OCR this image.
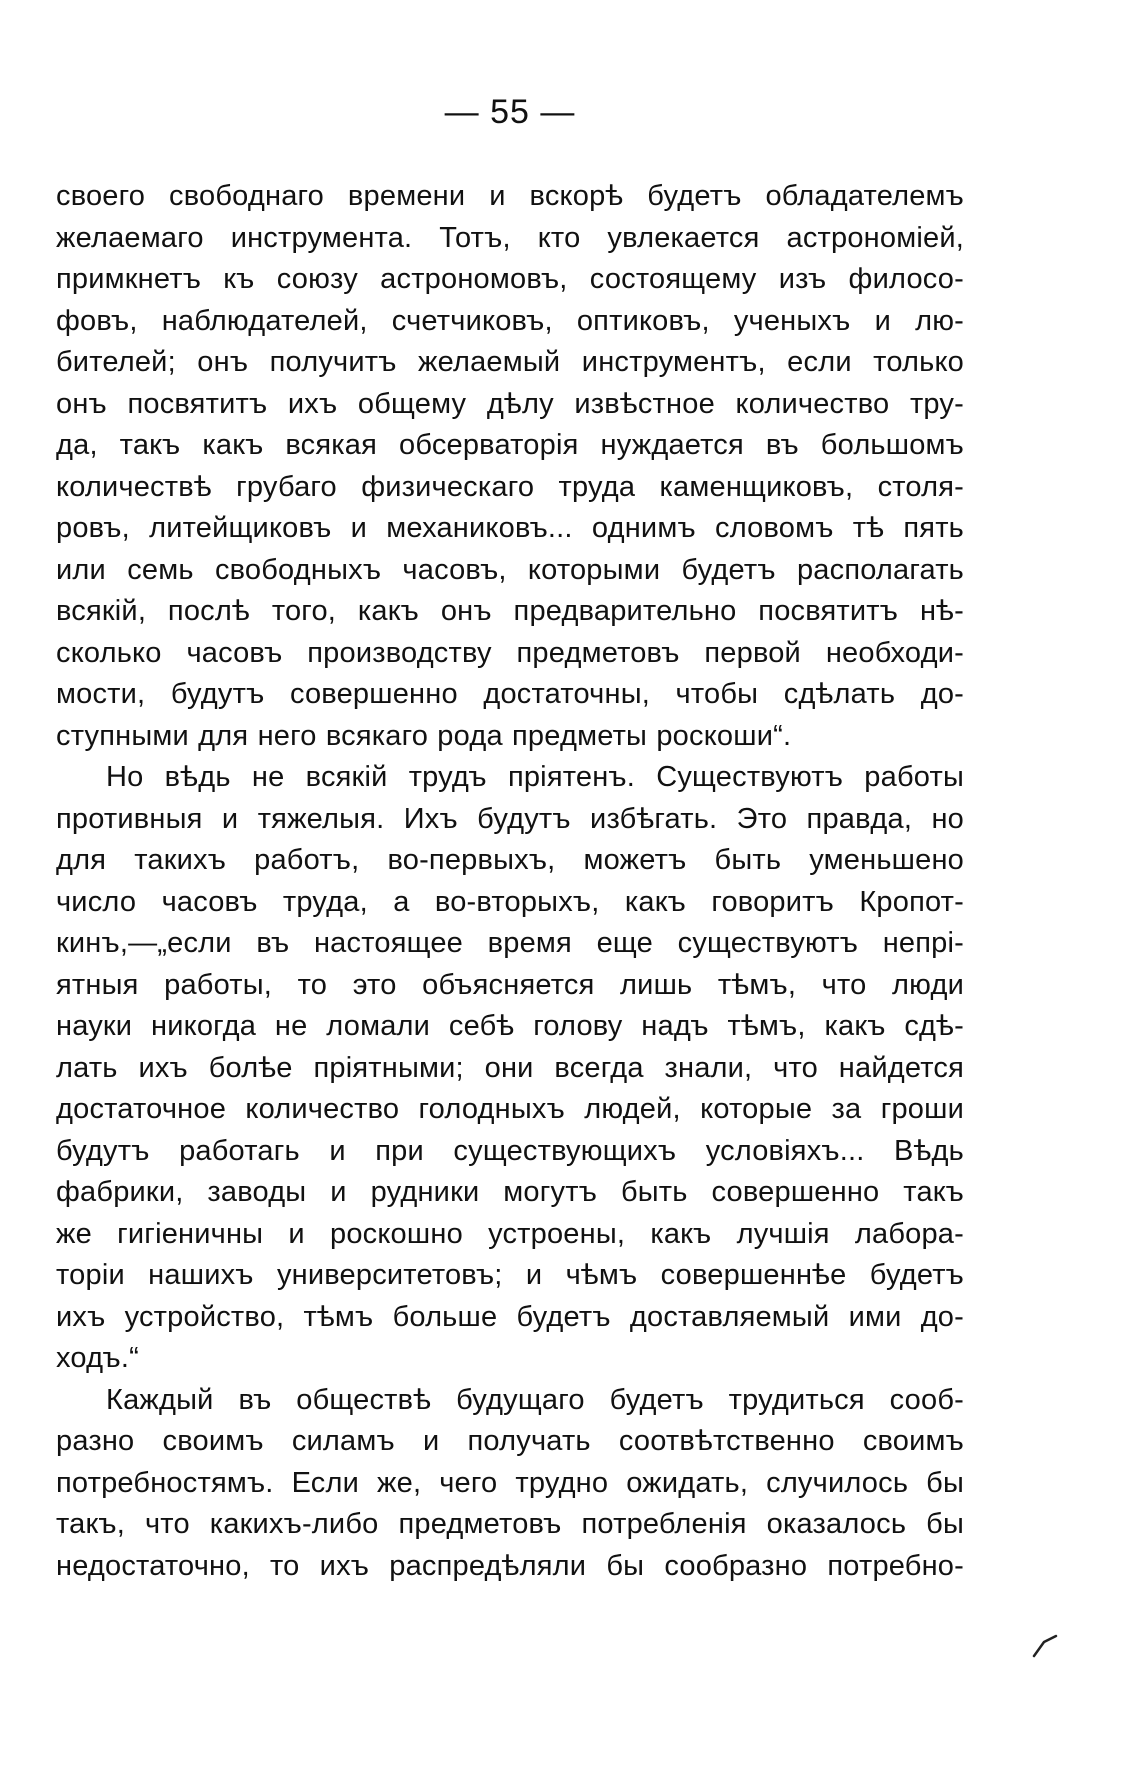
— 55 —
своего свободнаго времени и вскорѣ будетъ обладателемъ
желаемаго инструмента. Тотъ, кто увлекается астрономіей,
примкнетъ къ союзу астрономовъ, состоящему изъ филосо-
фовъ, наблюдателей, счетчиковъ, оптиковъ, ученыхъ и лю-
бителей; онъ получитъ желаемый инструментъ, если только
онъ посвятитъ ихъ общему дѣлу извѣстное количество тру-
да, такъ какъ всякая обсерваторія нуждается въ большомъ
количествѣ грубаго физическаго труда каменщиковъ, столя-
ровъ, литейщиковъ и механиковъ... однимъ словомъ тѣ пять
или семь свободныхъ часовъ, которыми будетъ располагать
всякій, послѣ того, какъ онъ предварительно посвятитъ нѣ-
сколько часовъ производству предметовъ первой необходи-
мости, будутъ совершенно достаточны, чтобы сдѣлать до-
ступными для него всякаго рода предметы роскоши“.
Но вѣдь не всякій трудъ пріятенъ. Существуютъ работы
противныя и тяжелыя. Ихъ будутъ избѣгать. Это правда, но
для такихъ работъ, во-первыхъ, можетъ быть уменьшено
число часовъ труда, а во-вторыхъ, какъ говоритъ Кропот-
кинъ,—„если въ настоящее время еще существуютъ непрі-
ятныя работы, то это объясняется лишь тѣмъ, что люди
науки никогда не ломали себѣ голову надъ тѣмъ, какъ сдѣ-
лать ихъ болѣе пріятными; они всегда знали, что найдется
достаточное количество голодныхъ людей, которые за гроши
будутъ работагь и при существующихъ условіяхъ... Вѣдь
фабрики, заводы и рудники могутъ быть совершенно такъ
же гигіеничны и роскошно устроены, какъ лучшія лабора-
торіи нашихъ университетовъ; и чѣмъ совершеннѣе будетъ
ихъ устройство, тѣмъ больше будетъ доставляемый ими до-
ходъ.“
Каждый въ обществѣ будущаго будетъ трудиться сооб-
разно своимъ силамъ и получать соотвѣтственно своимъ
потребностямъ. Если же, чего трудно ожидать, случилось бы
такъ, что какихъ-либо предметовъ потребленія оказалось бы
недостаточно, то ихъ распредѣляли бы сообразно потребно-
